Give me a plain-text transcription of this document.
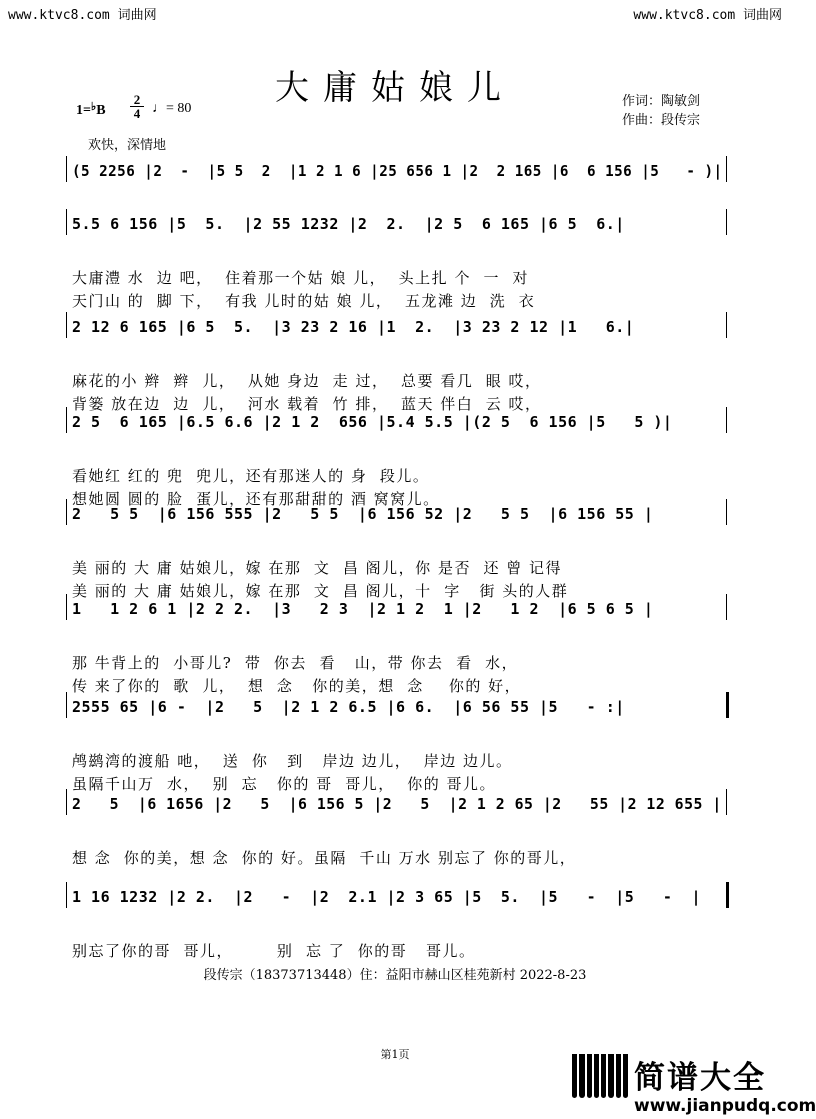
www.ktvc8.com 词曲网	www.ktvc8.com 词曲网
大庸姑娘儿
1=♭B
2
4 ♩= 80	作词：陶敏剑
作曲：段传宗
欢快，深情地
(5 2256 |2  -  |5 5  2  |1 2 1 6 |25 656 1 |2  2 165 |6  6 156 |5   - )|
5.5 6 156 |5  5.  |2 55 1232 |2  2.  |2 5  6 165 |6 5  6.|
大庸澧 水  边 吧，  住着那一个姑 娘 儿，  头上扎 个  一  对
天门山 的  脚 下，  有我 儿时的姑 娘 儿，  五龙滩 边  洗  衣
2 12 6 165 |6 5  5.  |3 23 2 16 |1  2.  |3 23 2 12 |1   6.|
麻花的小 辫  辫  儿，  从她 身边  走 过，  总要 看几  眼 哎，
背篓 放在边  边  儿，  河水 载着  竹 排，  蓝天 伴白  云 哎，
2 5  6 165 |6.5 6.6 |2 1 2  656 |5.4 5.5 |(2 5  6 156 |5   5 )|
看她红 红的 兜  兜儿，还有那迷人的 身  段儿。
想她圆 圆的 脸  蛋儿，还有那甜甜的 酒 窝窝儿。
2   5 5  |6 156 555 |2   5 5  |6 156 52 |2   5 5  |6 156 55 |
美 丽的 大 庸 姑娘儿，嫁 在那  文  昌 阁儿，你 是否  还 曾 记得
美 丽的 大 庸 姑娘儿，嫁 在那  文  昌 阁儿，十  字   街 头的人群
1   1 2 6 1 |2 2 2.  |3   2 3  |2 1 2  1 |2   1 2  |6 5 6 5 |
那 牛背上的  小哥儿?  带  你去  看   山，带 你去  看  水，
传 来了你的  歌  儿，  想  念   你的美，想  念    你的 好，
2555 65 |6 -  |2   5  |2 1 2 6.5 |6 6.  |6 56 55 |5   - :|
鸬鹚湾的渡船 吔，  送  你   到   岸边 边儿，  岸边 边儿。
虽隔千山万  水，  别  忘   你的 哥  哥儿，  你的 哥儿。
2   5  |6 1656 |2   5  |6 156 5 |2   5  |2 1 2 65 |2   55 |2 12 655 |
想 念  你的美，想 念  你的 好。虽隔  千山 万水 别忘了 你的哥儿，
1 16 1232 |2 2.  |2   -  |2  2.1 |2 3 65 |5  5.  |5   -  |5   -  |
别忘了你的哥  哥儿，       别  忘 了  你的哥   哥儿。
段传宗（18373713448）住：益阳市赫山区桂苑新村 2022-8-23
第1页
简谱大全
www.jianpudq.com
